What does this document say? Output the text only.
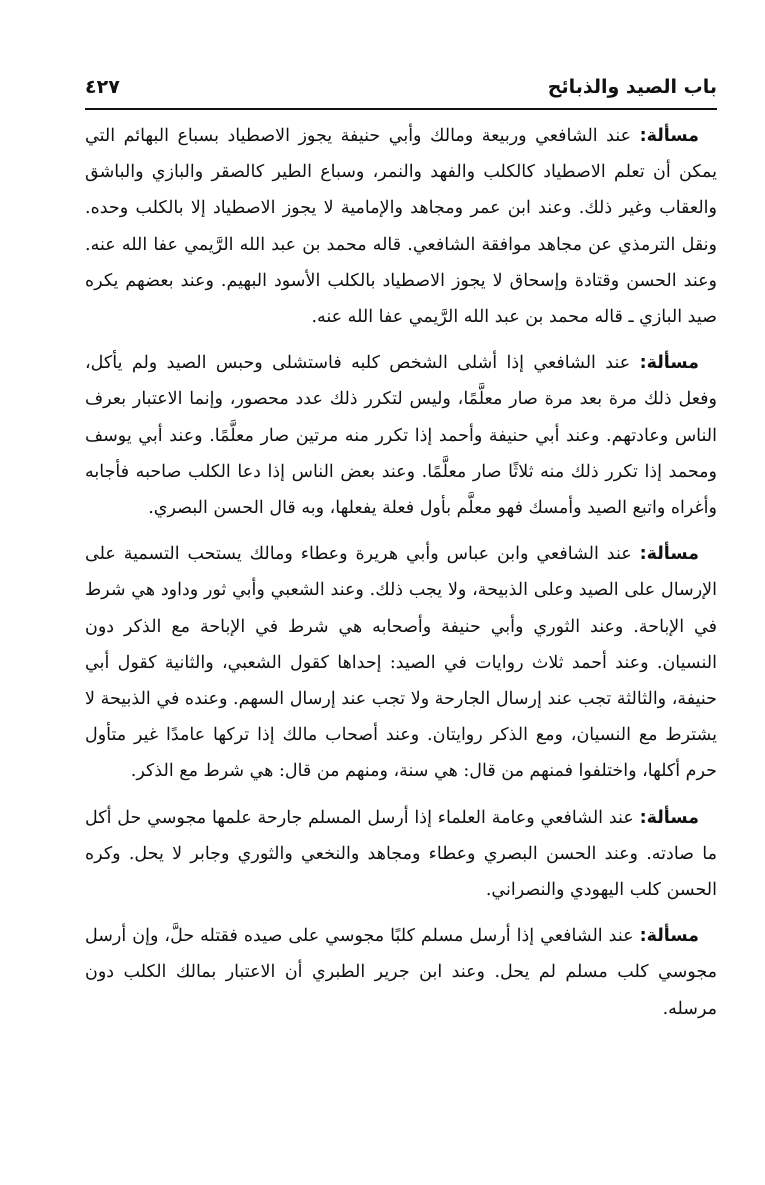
باب الصيد والذبائح
٤٢٧

مسألة: عند الشافعي وربيعة ومالك وأبي حنيفة يجوز الاصطياد بسباع البهائم التي يمكن أن تعلم الاصطياد كالكلب والفهد والنمر، وسباع الطير كالصقر والبازي والباشق والعقاب وغير ذلك. وعند ابن عمر ومجاهد والإمامية لا يجوز الاصطياد إلا بالكلب وحده. ونقل الترمذي عن مجاهد موافقة الشافعي. قاله محمد بن عبد الله الرَّيمي عفا الله عنه. وعند الحسن وقتادة وإسحاق لا يجوز الاصطياد بالكلب الأسود البهيم. وعند بعضهم يكره صيد البازي ـ قاله محمد بن عبد الله الرَّيمي عفا الله عنه.

مسألة: عند الشافعي إذا أشلى الشخص كلبه فاستشلى وحبس الصيد ولم يأكل، وفعل ذلك مرة بعد مرة صار معلَّمًا، وليس لتكرر ذلك عدد محصور، وإنما الاعتبار بعرف الناس وعادتهم. وعند أبي حنيفة وأحمد إذا تكرر منه مرتين صار معلَّمًا. وعند أبي يوسف ومحمد إذا تكرر ذلك منه ثلاثًا صار معلَّمًا. وعند بعض الناس إذا دعا الكلب صاحبه فأجابه وأغراه واتبع الصيد وأمسك فهو معلَّم بأول فعلة يفعلها، وبه قال الحسن البصري.

مسألة: عند الشافعي وابن عباس وأبي هريرة وعطاء ومالك يستحب التسمية على الإرسال على الصيد وعلى الذبيحة، ولا يجب ذلك. وعند الشعبي وأبي ثور وداود هي شرط في الإباحة. وعند الثوري وأبي حنيفة وأصحابه هي شرط في الإباحة مع الذكر دون النسيان. وعند أحمد ثلاث روايات في الصيد: إحداها كقول الشعبي، والثانية كقول أبي حنيفة، والثالثة تجب عند إرسال الجارحة ولا تجب عند إرسال السهم. وعنده في الذبيحة لا يشترط مع النسيان، ومع الذكر روايتان. وعند أصحاب مالك إذا تركها عامدًا غير متأول حرم أكلها، واختلفوا فمنهم من قال: هي سنة، ومنهم من قال: هي شرط مع الذكر.

مسألة: عند الشافعي وعامة العلماء إذا أرسل المسلم جارحة علمها مجوسي حل أكل ما صادته. وعند الحسن البصري وعطاء ومجاهد والنخعي والثوري وجابر لا يحل. وكره الحسن كلب اليهودي والنصراني.

مسألة: عند الشافعي إذا أرسل مسلم كلبًا مجوسي على صيده فقتله حلَّ، وإن أرسل مجوسي كلب مسلم لم يحل. وعند ابن جرير الطبري أن الاعتبار بمالك الكلب دون مرسله.
